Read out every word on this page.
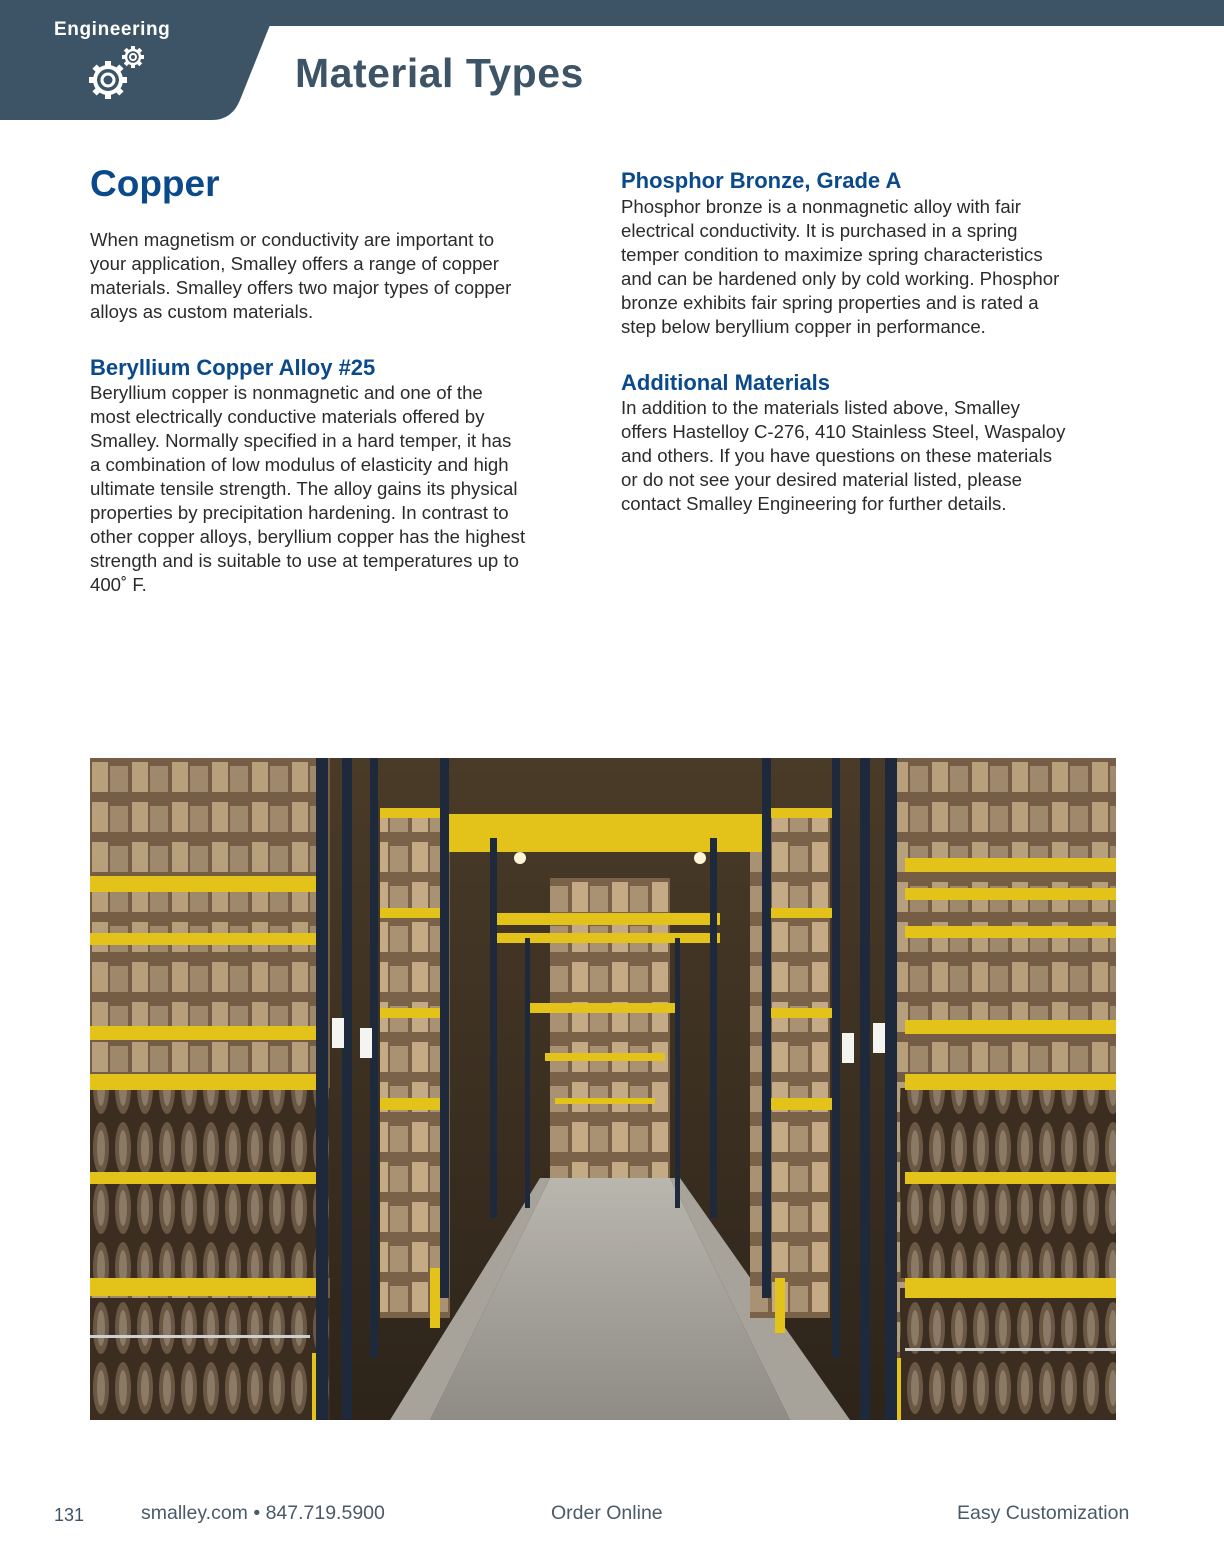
Engineering
Material Types
Copper
When magnetism or conductivity are important to
your application, Smalley offers a range of copper
materials. Smalley offers two major types of copper
alloys as custom materials.
Beryllium Copper Alloy #25
Beryllium copper is nonmagnetic and one of the
most electrically conductive materials offered by
Smalley. Normally specified in a hard temper, it has
a combination of low modulus of elasticity and high
ultimate tensile strength. The alloy gains its physical
properties by precipitation hardening. In contrast to
other copper alloys, beryllium copper has the highest
strength and is suitable to use at temperatures up to
400˚ F.
Phosphor Bronze, Grade A
Phosphor bronze is a nonmagnetic alloy with fair
electrical conductivity. It is purchased in a spring
temper condition to maximize spring characteristics
and can be hardened only by cold working. Phosphor
bronze exhibits fair spring properties and is rated a
step below beryllium copper in performance.
Additional Materials
In addition to the materials listed above, Smalley
offers Hastelloy C-276, 410 Stainless Steel, Waspaloy
and others. If you have questions on these materials
or do not see your desired material listed, please
contact Smalley Engineering for further details.
131	smalley.com • 847.719.5900	Order Online	Easy Customization
